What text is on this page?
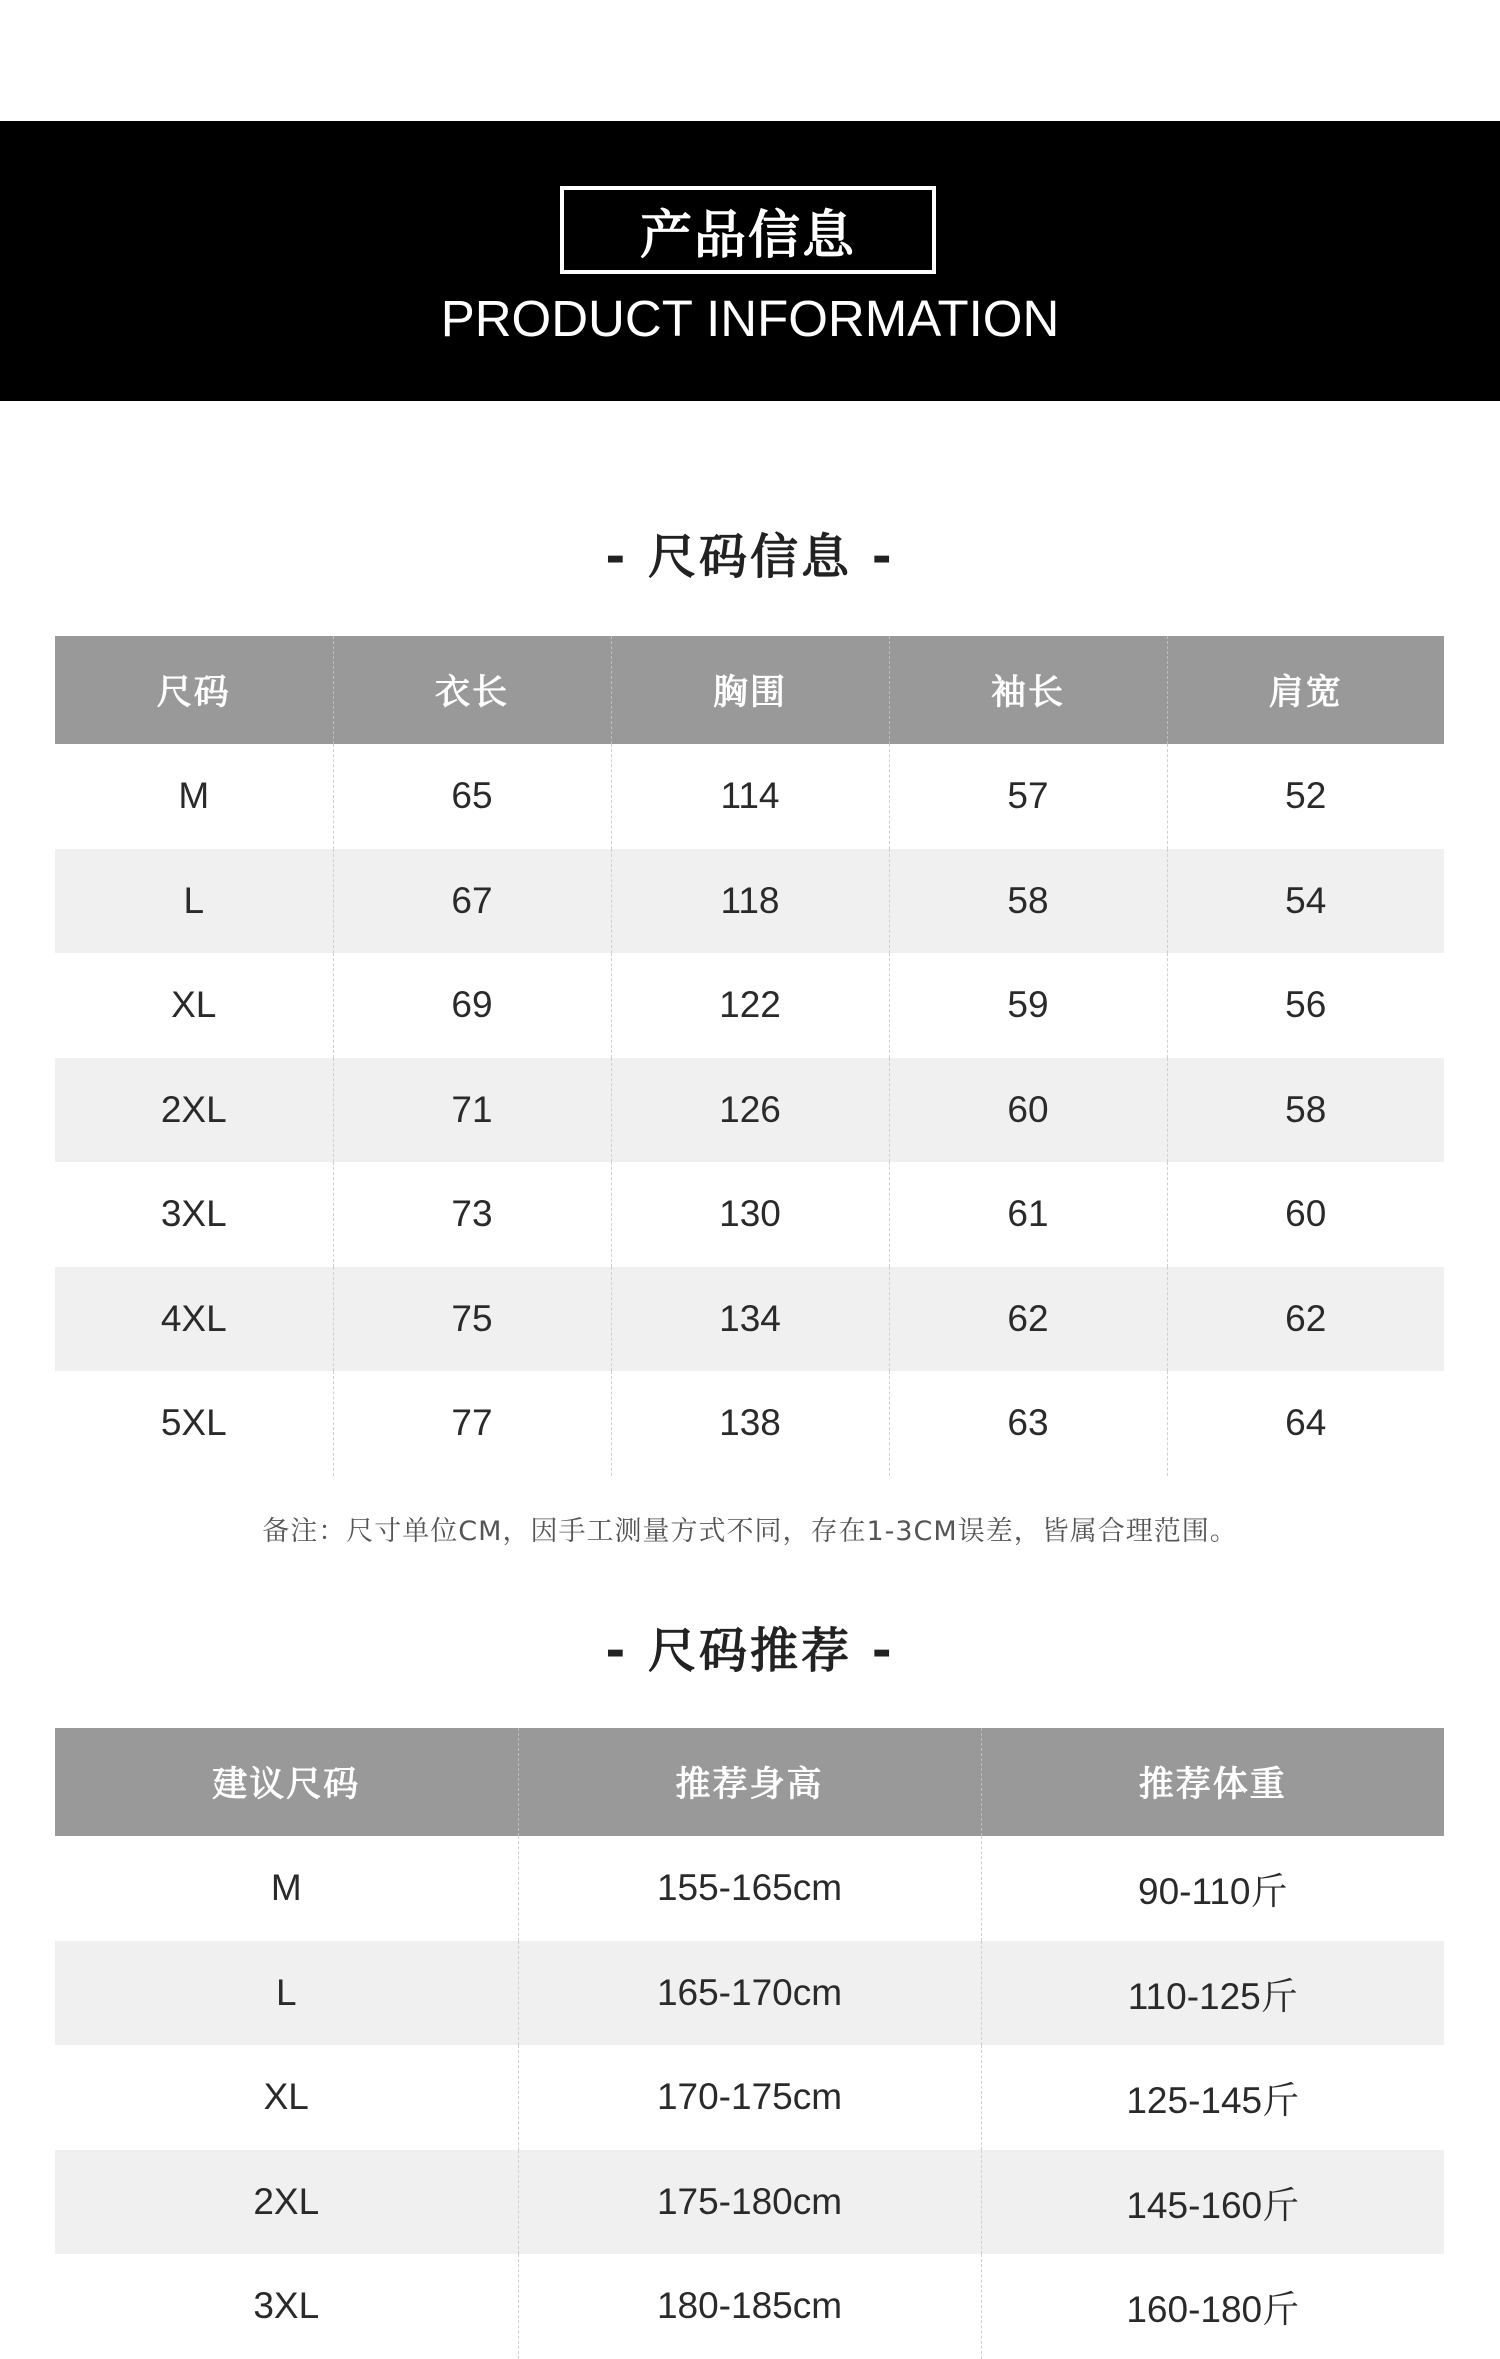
产品信息
PRODUCT INFORMATION
- 尺码信息 -
尺码	衣长	胸围	袖长	肩宽
M	65	114	57	52
L	67	118	58	54
XL	69	122	59	56
2XL	71	126	60	58
3XL	73	130	61	60
4XL	75	134	62	62
5XL	77	138	63	64
备注：尺寸单位CM，因手工测量方式不同，存在1-3CM误差，皆属合理范围。
- 尺码推荐 -
建议尺码	推荐身高	推荐体重
M	155-165cm	90-110斤
L	165-170cm	110-125斤
XL	170-175cm	125-145斤
2XL	175-180cm	145-160斤
3XL	180-185cm	160-180斤
